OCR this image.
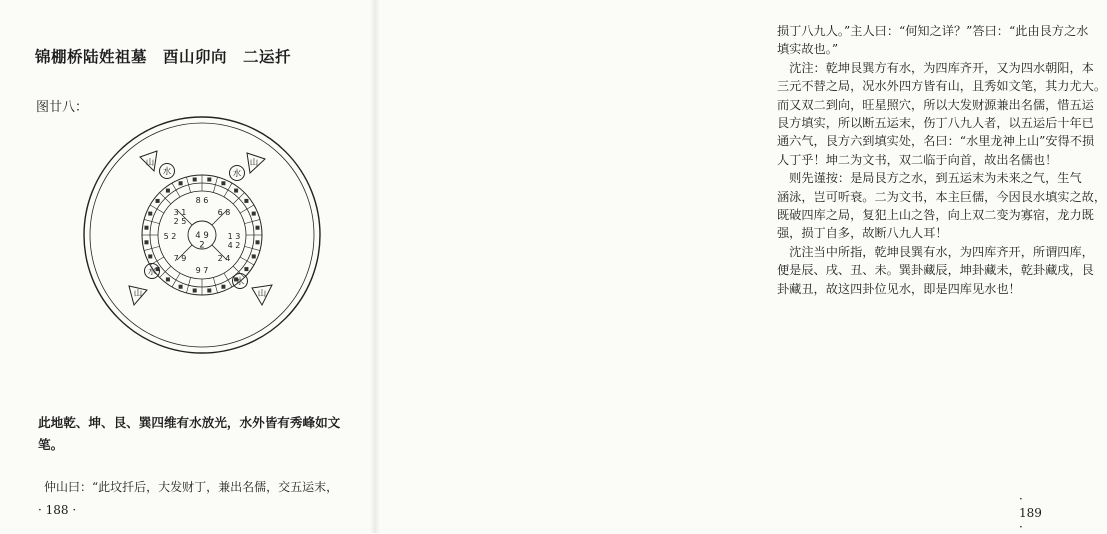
锦棚桥陆姓祖墓　酉山卯向　二运扦
图廿八：
3 1 2 5
8 6
6 8
1 3 4 2
2 4
9 7
7 9
5 2 4 9 2
山
水	水
山
水
山
水
山
此地乾、坤、艮、巽四维有水放光，水外皆有秀峰如文
笔。
仲山曰：“此坟扦后，大发财丁，兼出名儒，交五运末，
· 188 ·

损丁八九人。”主人曰：“何知之详？”答曰：“此由艮方之水

填实故也。”

　沈注：乾坤艮巽方有水，为四库齐开，又为四水朝阳，本

三元不替之局，况水外四方皆有山，且秀如文笔，其力尤大。

而又双二到向，旺星照穴，所以大发财源兼出名儒，惜五运

艮方填实，所以断五运末，伤丁八九人者，以五运后十年已

通六气，艮方六到填实处，名曰：“水里龙神上山”安得不损

人丁乎！坤二为文书，双二临于向首，故出名儒也！

　则先谨按：是局艮方之水，到五运末为未来之气，生气

涵泳，岂可听衰。二为文书，本主巨儒，今因艮水填实之故，

既破四库之局，复犯上山之咎，向上双二变为寡宿，龙力既

强，损丁自多，故断八九人耳！

　沈注当中所指，乾坤艮巽有水，为四库齐开，所谓四库，

便是辰、戌、丑、未。巽卦藏辰，坤卦藏未，乾卦藏戌，艮

卦藏丑，故这四卦位见水，即是四库见水也！

· 189 ·
